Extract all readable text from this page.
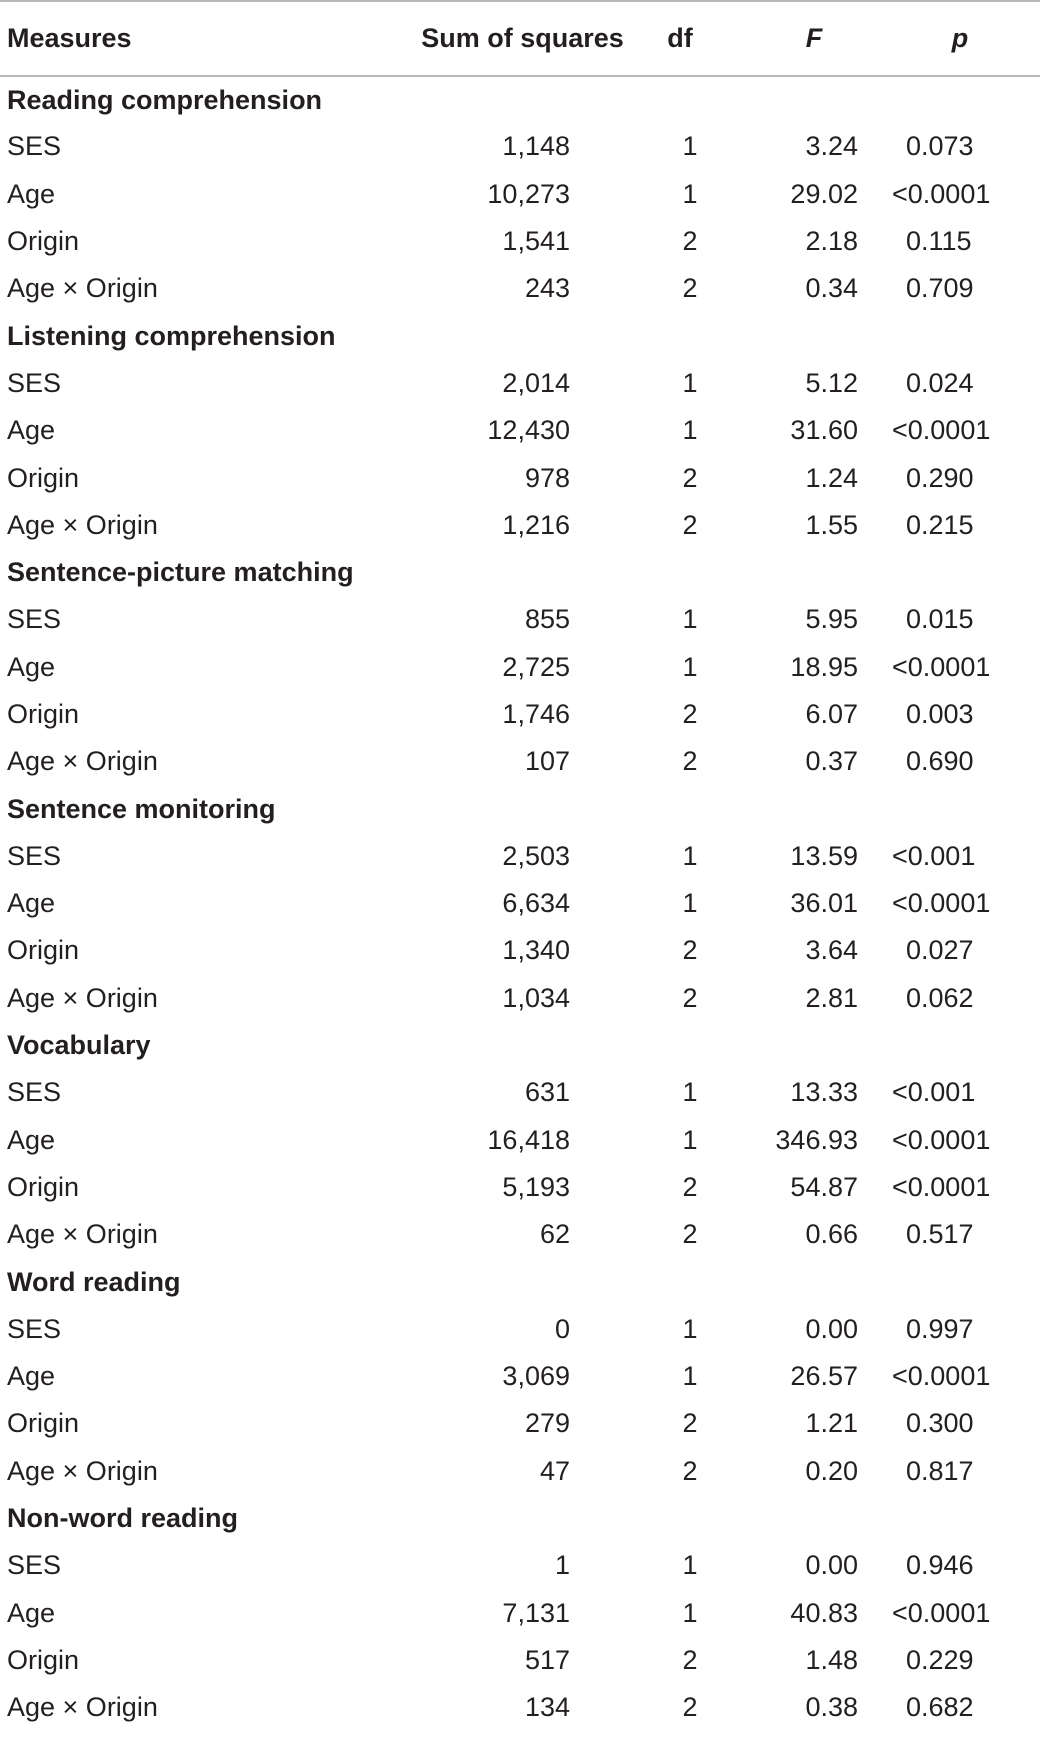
Measures	Sum of squares	df	F	p
Reading comprehension				
SES	1,148	1	3.24	0.073
Age	10,273	1	29.02	<0.0001
Origin	1,541	2	2.18	0.115
Age × Origin	243	2	0.34	0.709
Listening comprehension				
SES	2,014	1	5.12	0.024
Age	12,430	1	31.60	<0.0001
Origin	978	2	1.24	0.290
Age × Origin	1,216	2	1.55	0.215
Sentence-picture matching				
SES	855	1	5.95	0.015
Age	2,725	1	18.95	<0.0001
Origin	1,746	2	6.07	0.003
Age × Origin	107	2	0.37	0.690
Sentence monitoring				
SES	2,503	1	13.59	<0.001
Age	6,634	1	36.01	<0.0001
Origin	1,340	2	3.64	0.027
Age × Origin	1,034	2	2.81	0.062
Vocabulary				
SES	631	1	13.33	<0.001
Age	16,418	1	346.93	<0.0001
Origin	5,193	2	54.87	<0.0001
Age × Origin	62	2	0.66	0.517
Word reading				
SES	0	1	0.00	0.997
Age	3,069	1	26.57	<0.0001
Origin	279	2	1.21	0.300
Age × Origin	47	2	0.20	0.817
Non-word reading				
SES	1	1	0.00	0.946
Age	7,131	1	40.83	<0.0001
Origin	517	2	1.48	0.229
Age × Origin	134	2	0.38	0.682
